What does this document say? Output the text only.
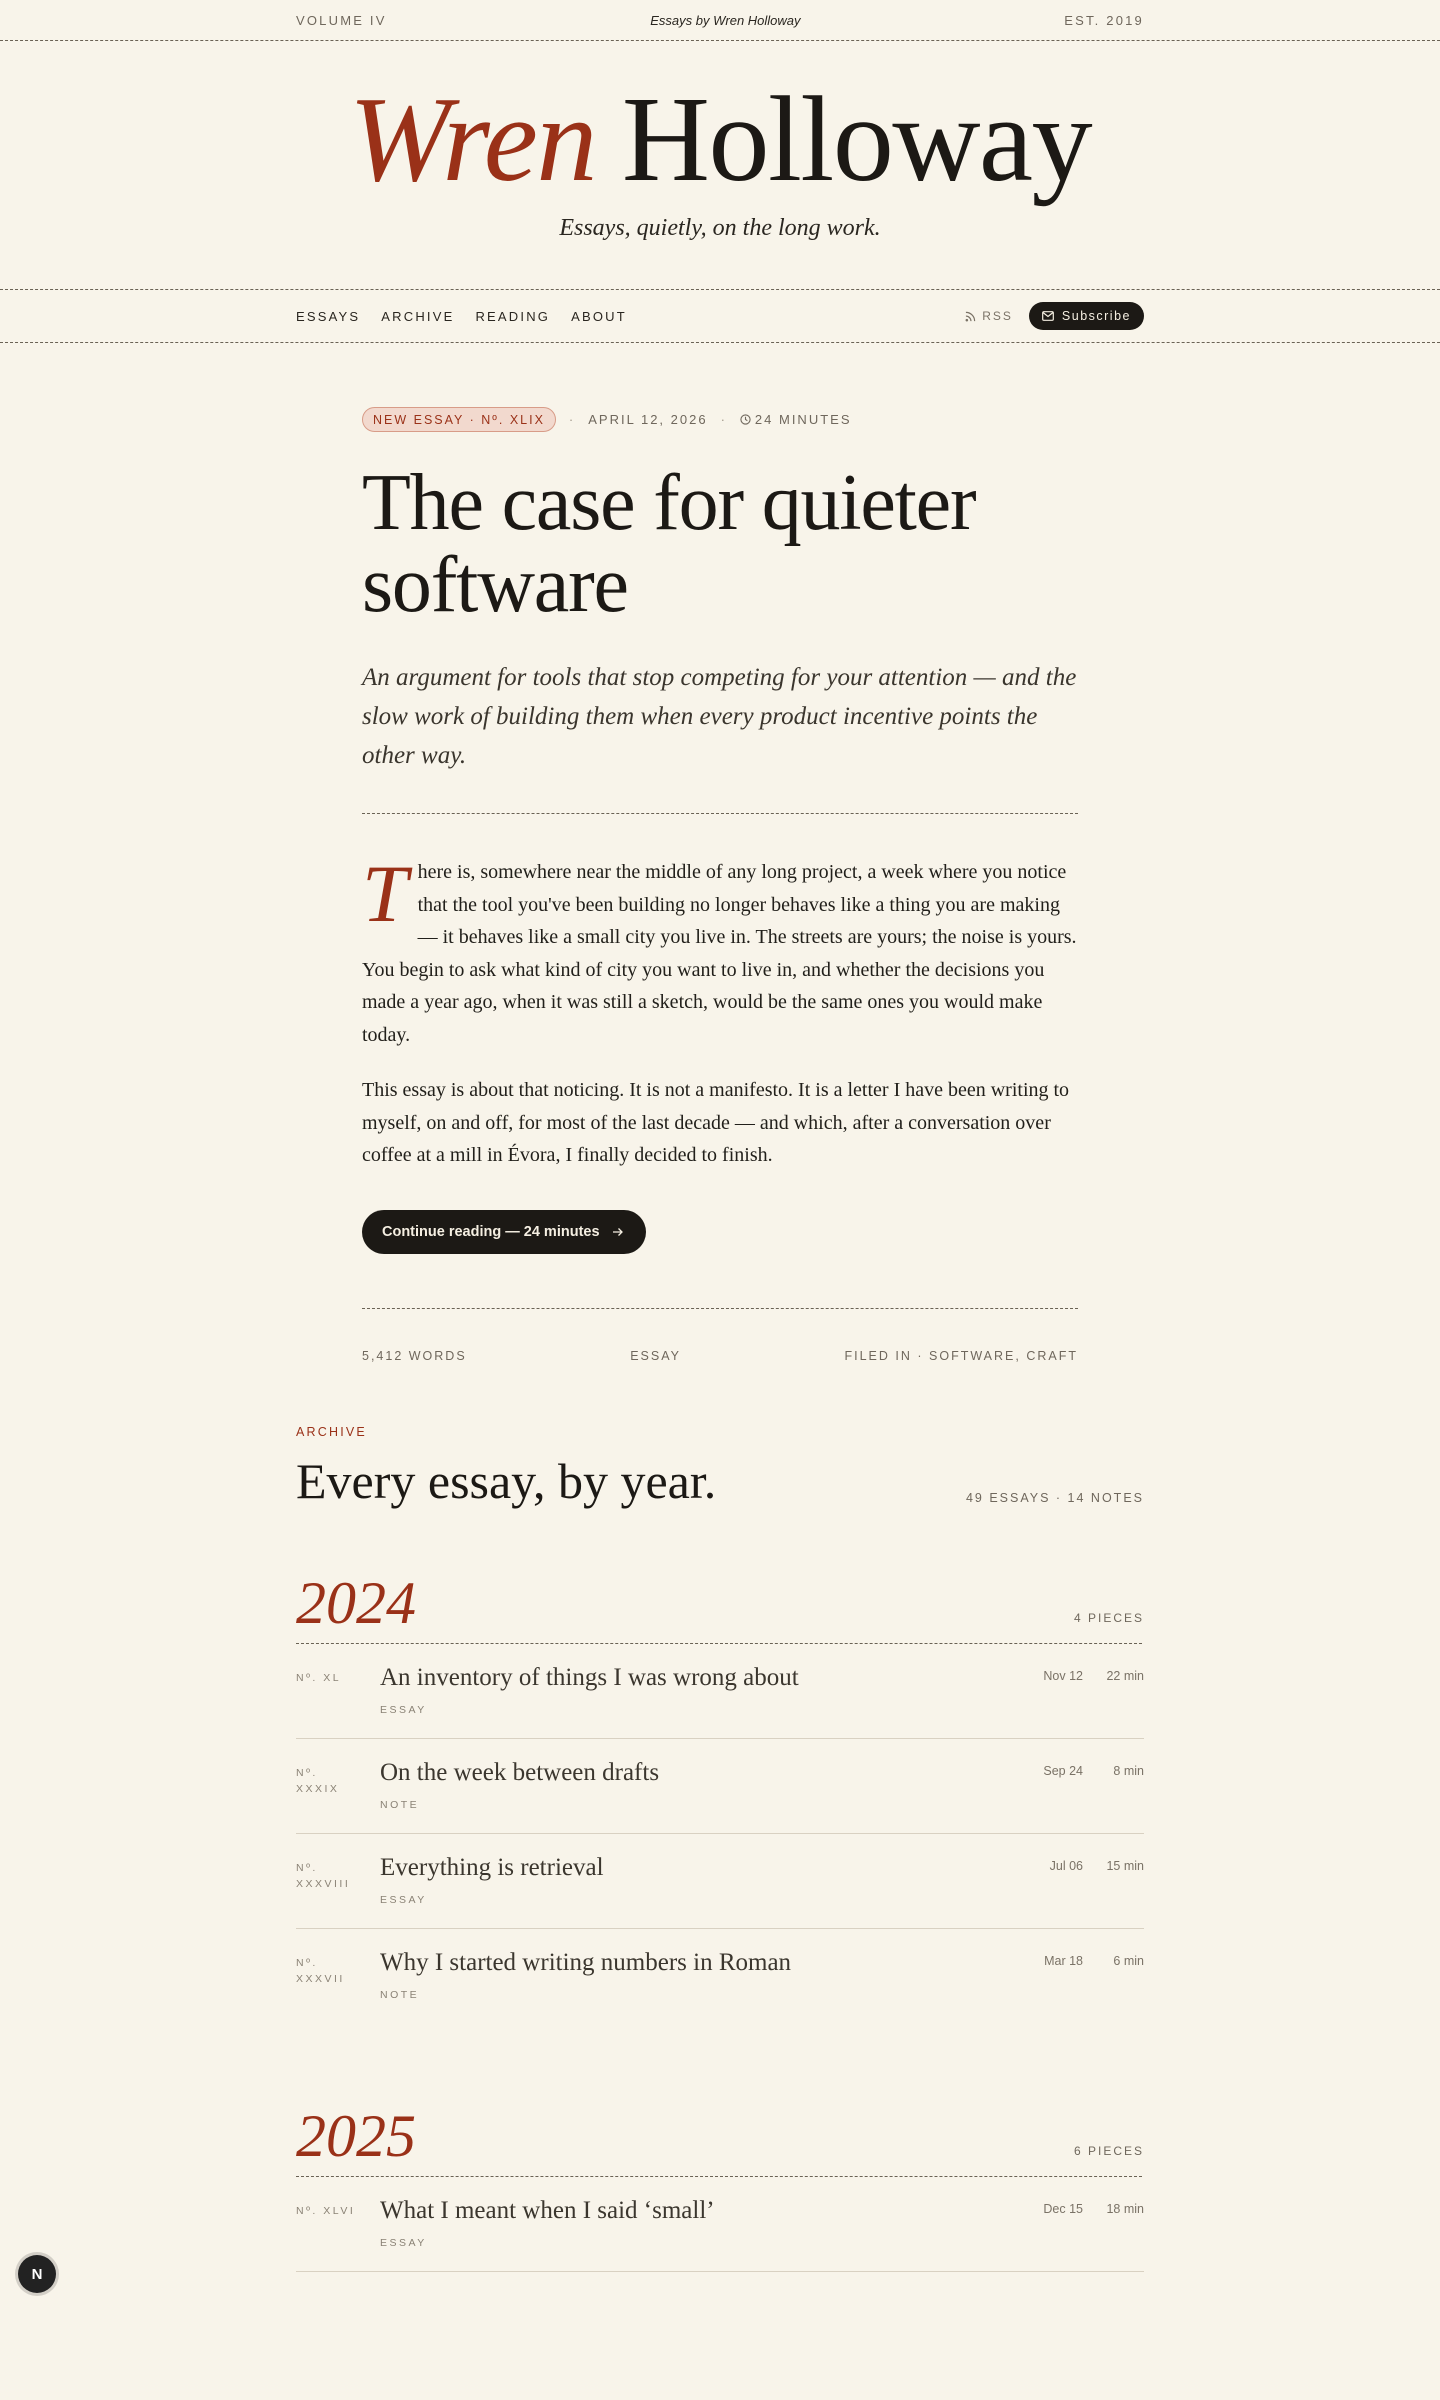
VOLUME IV	Essays by Wren Holloway	EST. 2019
Wren Holloway
Essays, quietly, on the long work.
ESSAYS ARCHIVE READING ABOUT	RSS	Subscribe
NEW ESSAY · Nº. XLIX	· APRIL 12, 2026 · 24 MINUTES
The case for quieter software

An argument for tools that stop competing for your attention — and the slow work of building them when every product incentive points the other way.

There is, somewhere near the middle of any long project, a week where you notice that the tool you've been building no longer behaves like a thing you are making — it behaves like a small city you live in. The streets are yours; the noise is yours. You begin to ask what kind of city you want to live in, and whether the decisions you made a year ago, when it was still a sketch, would be the same ones you would make today.

This essay is about that noticing. It is not a manifesto. It is a letter I have been writing to myself, on and off, for most of the last decade — and which, after a conversation over coffee at a mill in Évora, I finally decided to finish.

Continue reading — 24 minutes
5,412 WORDS	ESSAY	FILED IN · SOFTWARE, CRAFT
ARCHIVE
Every essay, by year.	49 ESSAYS · 14 NOTES
2024	4 PIECES
Nº. XL	An inventory of things I was wrong about
ESSAY
Nov 12 22 min
Nº. XXXIX
On the week between drafts
NOTE
Sep 24	8 min
Nº. XXXVIII
Everything is retrieval
ESSAY
Jul 06 15 min
Nº. XXXVII
Why I started writing numbers in Roman
NOTE
Mar 18	6 min
2025	6 PIECES
Nº. XLVI What I meant when I said ‘small’
ESSAY
Dec 15 18 min
N
